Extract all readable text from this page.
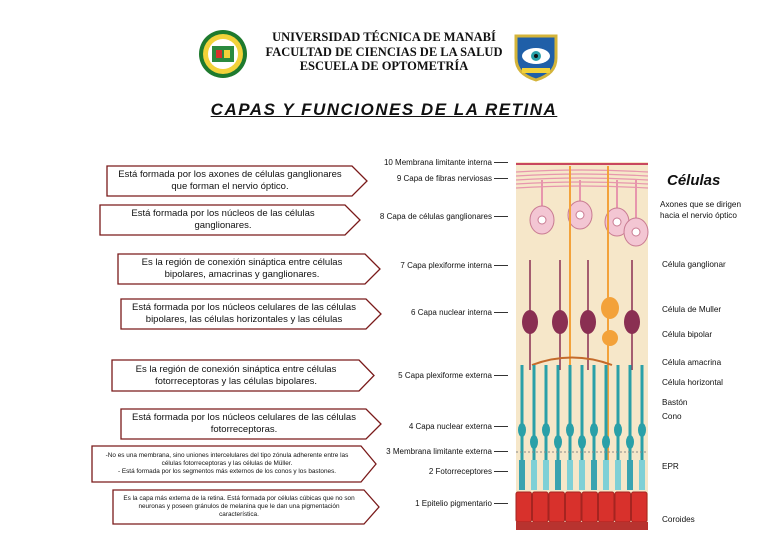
UNIVERSIDAD TÉCNICA DE MANABÍ
FACULTAD DE CIENCIAS DE LA SALUD
ESCUELA DE OPTOMETRÍA
CAPAS Y FUNCIONES DE LA RETINA
Está formada por los axones de células ganglionares que forman el nervio óptico.
Está formada por los núcleos de las células ganglionares.
Es la región de conexión sináptica entre células bipolares, amacrinas y ganglionares.
Está formada por los núcleos celulares de las células bipolares, las células horizontales y las células
Es la región de conexión sináptica entre células fotorreceptoras y las células bipolares.
Está formada por los núcleos celulares de las células fotorreceptoras.
-No es una membrana, sino uniones intercelulares del tipo zónula adherente entre las células fotorreceptoras y las células de Müller.
- Está formada por los segmentos más externos de los conos y los bastones.
Es la capa más externa de la retina. Está formada por células cúbicas que no son neuronas y poseen gránulos de melanina que le dan una pigmentación característica.
10 Membrana limitante interna
9 Capa de fibras nerviosas
8 Capa de células ganglionares
7 Capa plexiforme interna
6 Capa nuclear interna
5 Capa plexiforme externa
4 Capa nuclear externa
3 Membrana limitante externa
2 Fotorreceptores
1 Epitelio pigmentario
Células
Axones que se dirigen hacia el nervio óptico
Célula ganglionar
Célula de Muller
Célula bipolar
Célula amacrina
Célula horizontal
Bastón
Cono
EPR
Coroides
